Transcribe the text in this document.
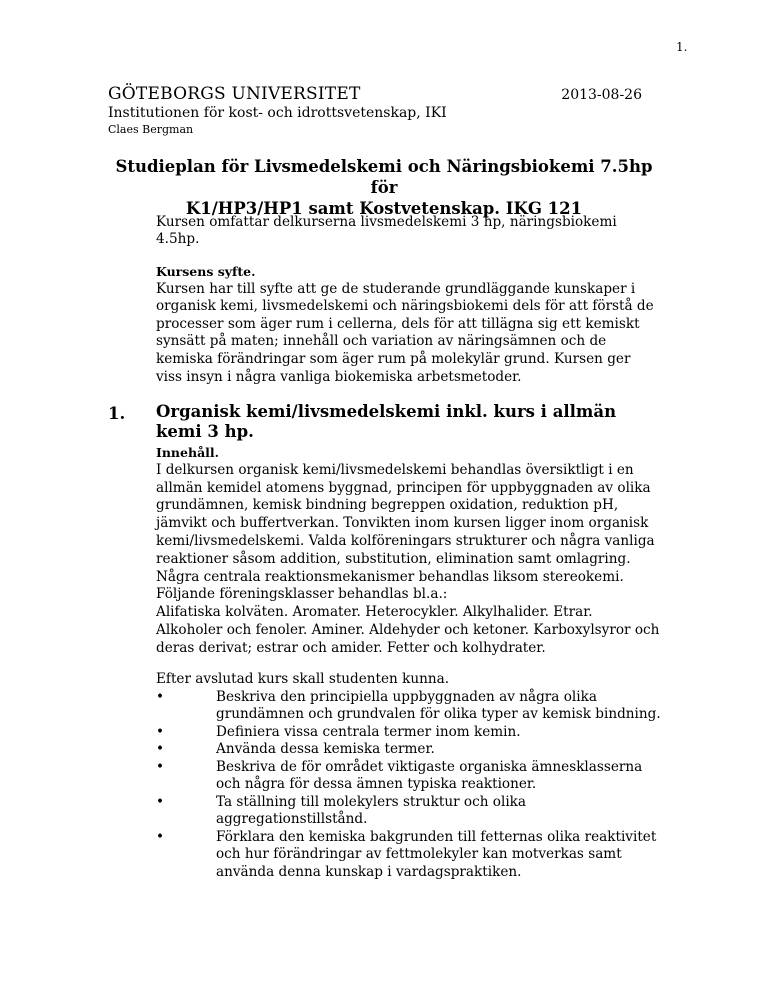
1.
GÖTEBORGS UNIVERSITET	2013-08-26
Institutionen för kost- och idrottsvetenskap, IKI
Claes Bergman
Studieplan för Livsmedelskemi och Näringsbiokemi 7.5hp för
K1/HP3/HP1 samt Kostvetenskap. IKG 121
Kursen omfattar delkurserna livsmedelskemi 3 hp, näringsbiokemi 4.5hp.
Kursens syfte.
Kursen har till syfte att ge de studerande grundläggande kunskaper i organisk kemi, livsmedelskemi och näringsbiokemi dels för att förstå de processer som äger rum i cellerna, dels för att tillägna sig ett kemiskt synsätt på maten; innehåll och variation av näringsämnen och de kemiska förändringar som äger rum på molekylär grund. Kursen ger viss insyn i några vanliga biokemiska arbetsmetoder.
1. Organisk kemi/livsmedelskemi inkl. kurs i allmän kemi 3 hp.
Innehåll.
I delkursen organisk kemi/livsmedelskemi behandlas översiktligt i en allmän kemidel atomens byggnad, principen för uppbyggnaden av olika grundämnen, kemisk bindning begreppen oxidation, reduktion pH, jämvikt och buffertverkan. Tonvikten inom kursen ligger inom organisk kemi/livsmedelskemi. Valda kolföreningars strukturer och några vanliga reaktioner såsom addition, substitution, elimination samt omlagring. Några centrala reaktionsmekanismer behandlas liksom stereokemi. Följande föreningsklasser behandlas bl.a.:
Alifatiska kolväten. Aromater. Heterocykler. Alkylhalider. Etrar.
Alkoholer och fenoler. Aminer. Aldehyder och ketoner. Karboxylsyror och deras derivat; estrar och amider. Fetter och kolhydrater.
Efter avslutad kurs skall studenten kunna.
•	Beskriva den principiella uppbyggnaden av några olika grundämnen och grundvalen för olika typer av kemisk bindning.
•	Definiera vissa centrala termer inom kemin.
•	Använda dessa kemiska termer.
•	Beskriva de för området viktigaste organiska ämnesklasserna och några för dessa ämnen typiska reaktioner.
•	Ta ställning till molekylers struktur och olika aggregationstillstånd.
•	Förklara den kemiska bakgrunden till fetternas olika reaktivitet och hur förändringar av fettmolekyler kan motverkas samt använda denna kunskap i vardagspraktiken.
